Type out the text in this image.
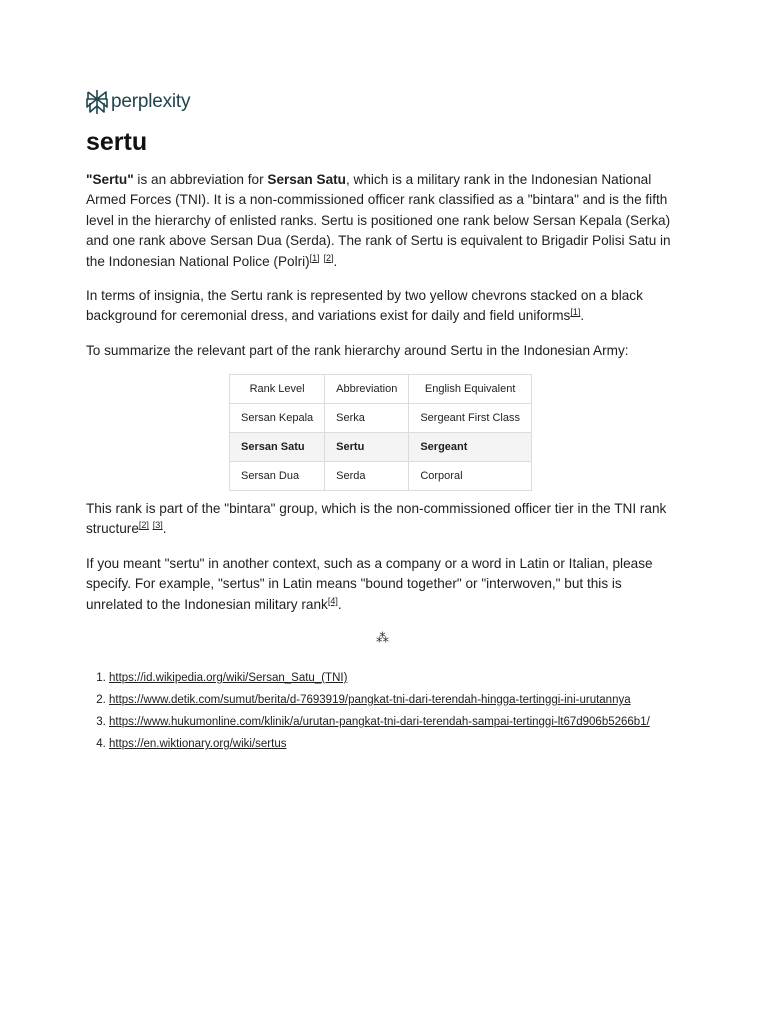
perplexity
sertu

"Sertu" is an abbreviation for Sersan Satu, which is a military rank in the Indonesian National Armed Forces (TNI). It is a non-commissioned officer rank classified as a "bintara" and is the fifth level in the hierarchy of enlisted ranks. Sertu is positioned one rank below Sersan Kepala (Serka) and one rank above Sersan Dua (Serda). The rank of Sertu is equivalent to Brigadir Polisi Satu in the Indonesian National Police (Polri)[1] [2].

In terms of insignia, the Sertu rank is represented by two yellow chevrons stacked on a black background for ceremonial dress, and variations exist for daily and field uniforms[1].

To summarize the relevant part of the rank hierarchy around Sertu in the Indonesian Army:

Rank Level	Abbreviation	English Equivalent
Sersan Kepala	Serka	Sergeant First Class
Sersan Satu	Sertu	Sergeant
Sersan Dua	Serda	Corporal

This rank is part of the "bintara" group, which is the non-commissioned officer tier in the TNI rank structure[2] [3].

If you meant "sertu" in another context, such as a company or a word in Latin or Italian, please specify. For example, "sertus" in Latin means "bound together" or "interwoven," but this is unrelated to the Indonesian military rank[4].

⁂
1. https://id.wikipedia.org/wiki/Sersan_Satu_(TNI)
2. https://www.detik.com/sumut/berita/d-7693919/pangkat-tni-dari-terendah-hingga-tertinggi-ini-urutannya
3. https://www.hukumonline.com/klinik/a/urutan-pangkat-tni-dari-terendah-sampai-tertinggi-lt67d906b5266b1/
4. https://en.wiktionary.org/wiki/sertus
